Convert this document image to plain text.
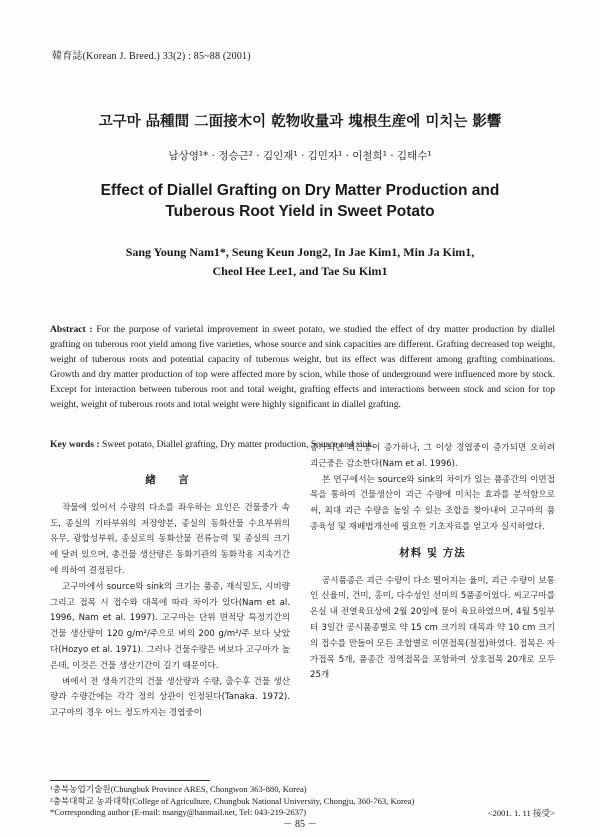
韓育誌(Korean J. Breed.) 33(2) : 85~88 (2001)
고구마 品種間 二面接木이 乾物收量과 塊根生産에 미치는 影響
남상영¹* · 정승근² · 김인재¹ · 김민자¹ · 이철희¹ · 김태수¹
Effect of Diallel Grafting on Dry Matter Production and
Tuberous Root Yield in Sweet Potato
Sang Young Nam1*, Seung Keun Jong2, In Jae Kim1, Min Ja Kim1,
Cheol Hee Lee1, and Tae Su Kim1
Abstract : For the purpose of varietal improvement in sweet potato, we studied the effect of dry matter production by diallel grafting on tuberous root yield among five varieties, whose source and sink capacities are different. Grafting decreased top weight, weight of tuberous roots and potential capacity of tuberous weight, but its effect was different among grafting combinations. Growth and dry matter production of top were affected more by scion, while those of underground were influenced more by stock. Except for interaction between tuberous root and total weight, grafting effects and interactions between stock and scion for top weight, weight of tuberous roots and total weight were highly significant in diallel grafting.
Key words : Sweet potato, Diallel grafting, Dry matter production, Source and sink.
緖　言

작물에 있어서 수량의 다소를 좌우하는 요인은 건물중가 속도, 종실의 기타부위의 저장양분, 종실의 동화산물 수요부위의 유무, 광합성부위, 종실로의 동화산물 전류능력 및 종실의 크기에 달려 있으며, 총건물 생산량은 동화기관의 동화작용 지속기간에 의하여 결정된다.

고구마에서 source와 sink의 크기는 품종, 재식밀도, 시비량 그리고 접목 시 접수와 대목에 따라 차이가 있다(Nam et al. 1996, Nam et al. 1997). 고구마는 단위 면적당 특정기간의 건물 생산량이 120 g/m²/주으로 벼의 200 g/m²/주 보다 낮았다(Hozyo et al. 1971). 그러나 건물수량은 벼보다 고구마가 높은데, 이것은 건물 생산기간이 길기 때문이다.

벼에서 전 생육기간의 건물 생산량과 수량, 출수후 건물 생산량과 수량간에는 각각 정의 상관이 인정된다(Tanaka. 1972). 고구마의 경우 어느 정도까지는 경엽중이

증가되면 괴근중이 증가하나, 그 이상 경엽중이 증가되면 오히려 괴근중은 감소한다(Nam et al. 1996).

본 연구에서는 source와 sink의 차이가 있는 품종간의 이면접목을 통하여 건물생산이 괴근 수량에 미치는 효과를 분석함으로써, 최대 괴근 수량을 높일 수 있는 조합을 찾아내어 고구마의 품종육성 및 재배법개선에 필요한 기초자료를 얻고자 실시하였다.

材料 및 方法

공시품종은 괴근 수량이 다소 떨어지는 율미, 괴근 수량이 보통인 신율미, 건미, 홍미, 다수성인 선미의 5품종이었다. 씨고구마를 온실 내 전열육묘상에 2월 20일에 묻어 육묘하였으며, 4월 5일부터 3일간 공시품종별로 약 15 cm 크기의 대목과 약 10 cm 크기의 접수를 만들어 모든 조합별로 이면접목(절접)하였다. 접목은 자가접목 5개, 품종간 정역접목을 포함하여 상호접목 20개로 모두 25개

¹충북농업기술원(Chungbuk Province ARES, Chongwon 363-880, Korea)
²충북대학교 농과대학(College of Agriculture, Chungbuk National University, Chongju, 360-763, Korea)
*Corresponding author (E-mail: nsangy@hanmail.net, Tel: 043-219-2637)	<2001. 1. 11 接受>
－ 85 －
